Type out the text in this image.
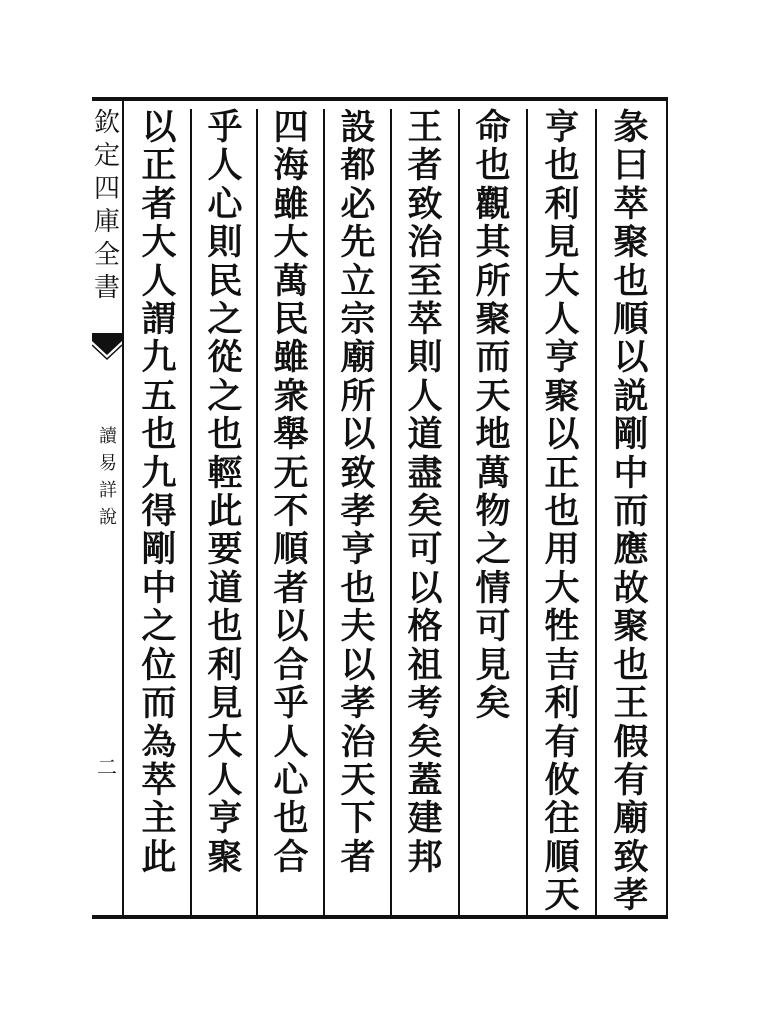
欽定四庫全書
讀易詳說
二
彖曰萃聚也順以説剛中而應故聚也王假有廟致孝
亨也利見大人亨聚以正也用大牲吉利有攸往順天
命也觀其所聚而天地萬物之情可見矣
王者致治至萃則人道盡矣可以格祖考矣蓋建邦
設都必先立宗廟所以致孝亨也夫以孝治天下者
四海雖大萬民雖衆舉无不順者以合乎人心也合
乎人心則民之從之也輕此要道也利見大人亨聚
以正者大人謂九五也九得剛中之位而為萃主此
